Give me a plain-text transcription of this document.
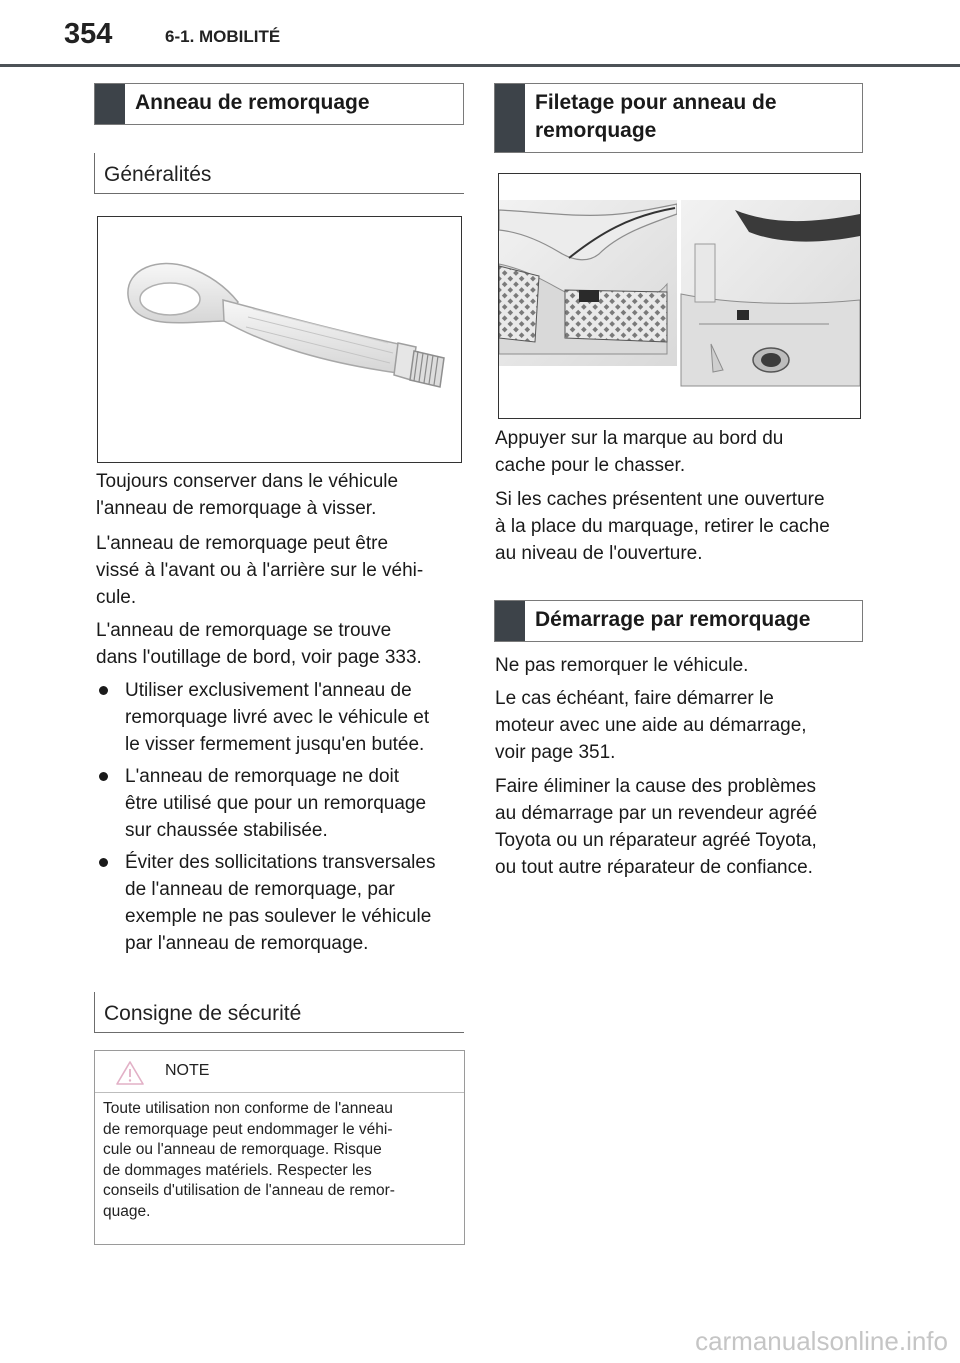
354	6-1. MOBILITÉ
Anneau de remorquage
Généralités
Toujours conserver dans le véhicule
l'anneau de remorquage à visser.
L'anneau de remorquage peut être
vissé à l'avant ou à l'arrière sur le véhi-
cule.
L'anneau de remorquage se trouve
dans l'outillage de bord, voir page 333.
Utiliser exclusivement l'anneau de
remorquage livré avec le véhicule et
le visser fermement jusqu'en butée.
L'anneau de remorquage ne doit
être utilisé que pour un remorquage
sur chaussée stabilisée.
Éviter des sollicitations transversales
de l'anneau de remorquage, par
exemple ne pas soulever le véhicule
par l'anneau de remorquage.
Consigne de sécurité
NOTE
Toute utilisation non conforme de l'anneau
de remorquage peut endommager le véhi-
cule ou l'anneau de remorquage. Risque
de dommages matériels. Respecter les
conseils d'utilisation de l'anneau de remor-
quage.
Filetage pour anneau de
remorquage
Appuyer sur la marque au bord du
cache pour le chasser.
Si les caches présentent une ouverture
à la place du marquage, retirer le cache
au niveau de l'ouverture.
Démarrage par remorquage
Ne pas remorquer le véhicule.
Le cas échéant, faire démarrer le
moteur avec une aide au démarrage,
voir page 351.
Faire éliminer la cause des problèmes
au démarrage par un revendeur agréé
Toyota ou un réparateur agréé Toyota,
ou tout autre réparateur de confiance.
carmanualsonline.info
